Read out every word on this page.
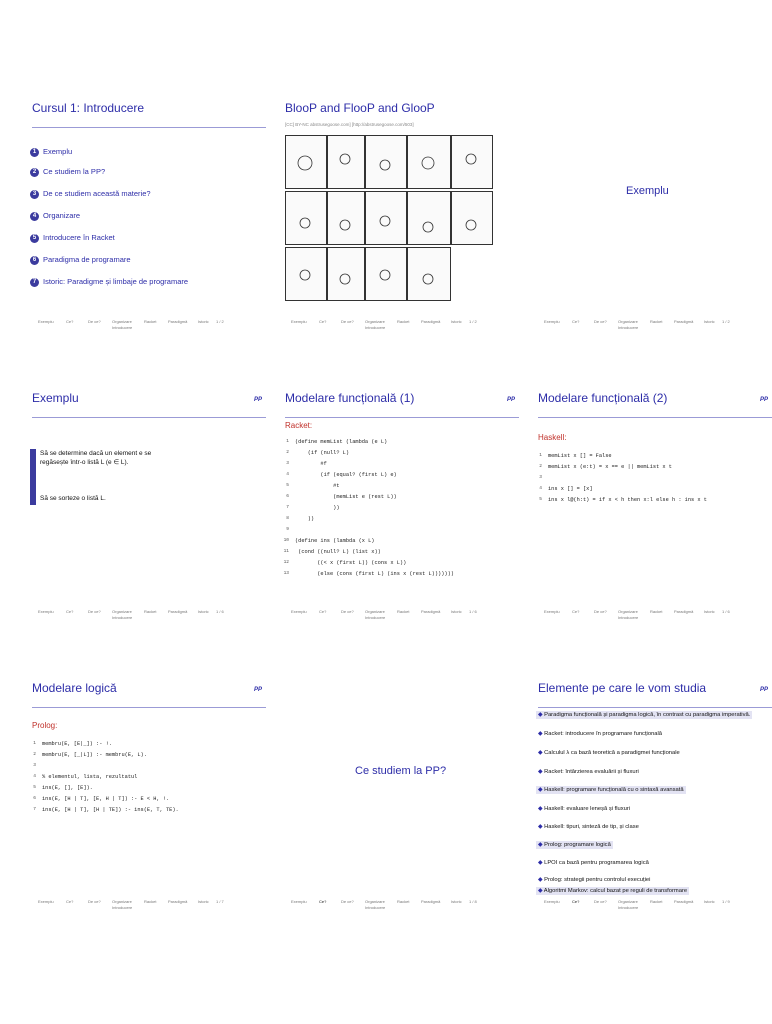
Cursul 1: Introducere
1 Exemplu
2 Ce studiem la PP?
3 De ce studiem această materie?
4 Organizare
5 Introducere în Racket
6 Paradigma de programare
7 Istoric: Paradigme și limbaje de programare
Exemplu	Ce?	De ce?	Organizare
Introducere
Racket	Paradigmă	Istoric 1 / 2
BlooP and FlooP and GlooP
[CC] BY-NC abstrusegoose.com] [http://abstrusegoose.com/503]
Exemplu	Ce?	De ce?	Organizare
Introducere
Racket	Paradigmă	Istoric 1 / 2
Exemplu
Exemplu	Ce?	De ce?	Organizare
Introducere
Racket	Paradigmă	Istoric 1 / 2
Exemplu	PP
Exemplu
Să se determine dacă un element e se regăsește într-o listă L (e ∈ L).
Să se sorteze o listă L.
Exemplu	Ce?	De ce?	Organizare
Introducere
Racket	Paradigmă	Istoric 1 / 6
Modelare funcțională (1)	PP
Racket:

1 (define memList (lambda (e L)

2 (if (null? L)

3 #f

4 (if (equal? (first L) e)

5 #t

6 (memList e (rest L))

7 ))

8 ))

9

10 (define ins (lambda (x L)

11 (cond ((null? L) (list x))

12 ((< x (first L)) (cons x L))

13 (else (cons (first L) (ins x (rest L)))))))

Exemplu	Ce?	De ce?	Organizare
Introducere
Racket	Paradigmă	Istoric 1 / 6
Modelare funcțională (2)	PP
Haskell:

1 memList x [] = False

2 memList x (e:t) = x == e || memList x t

3

4 ins x [] = [x]

5 ins x l@(h:t) = if x < h then x:l else h : ins x t

Exemplu	Ce?	De ce?	Organizare
Introducere
Racket	Paradigmă	Istoric 1 / 6
Modelare logică	PP
Prolog:

1 membru(E, [E|_]) :- !.

2 membru(E, [_|L]) :- membru(E, L).

3

4 % elementul, lista, rezultatul

5 ins(E, [], [E]).

6 ins(E, [H | T], [E, H | T]) :- E < H, !.

7 ins(E, [H | T], [H | TE]) :- ins(E, T, TE).

Exemplu	Ce?	De ce?	Organizare
Introducere
Racket	Paradigmă	Istoric 1 / 7
Ce studiem la PP?
Exemplu	Ce?	De ce?	Organizare
Introducere
Racket	Paradigmă	Istoric 1 / 8
Elemente pe care le vom studia	PP
◆ Paradigma funcțională și paradigma logică, în contrast cu paradigma imperativă.
◆ Racket: introducere în programare funcțională
◆ Calculul λ ca bază teoretică a paradigmei funcționale
◆ Racket: întârzierea evaluării și fluxuri
◆ Haskell: programare funcțională cu o sintaxă avansată
◆ Haskell: evaluare leneșă și fluxuri
◆ Haskell: tipuri, sinteză de tip, și clase
◆ Prolog: programare logică
◆ LPOI ca bază pentru programarea logică
◆ Prolog: strategii pentru controlul execuției
◆ Algoritmi Markov: calcul bazat pe reguli de transformare
Exemplu	Ce?	De ce?	Organizare
Introducere
Racket	Paradigmă	Istoric 1 / 9
